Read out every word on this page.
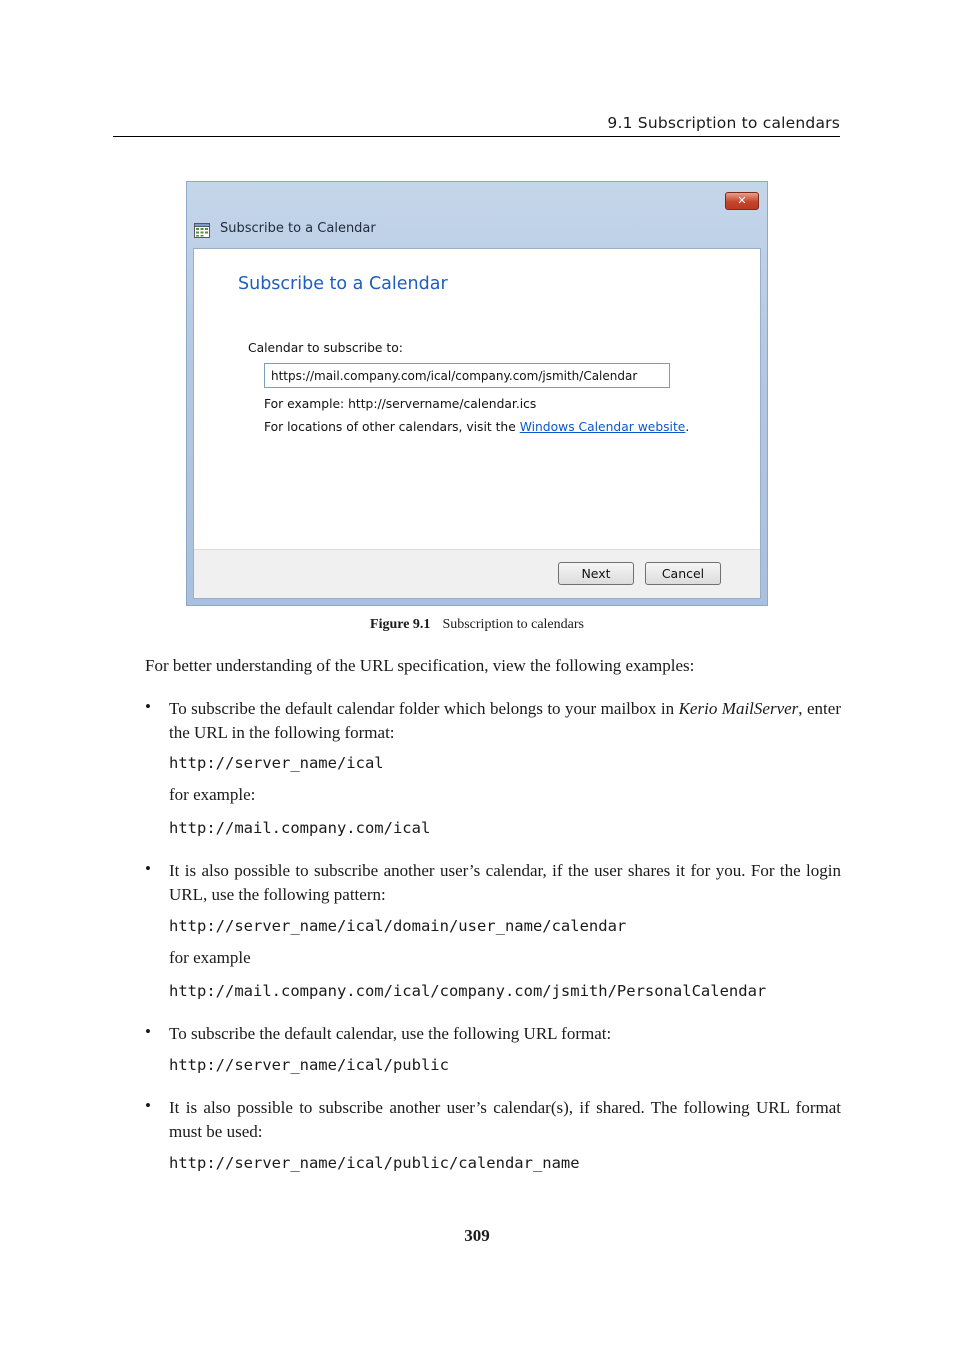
9.1 Subscription to calendars
✕
Subscribe to a Calendar
Subscribe to a Calendar
Calendar to subscribe to:
https://mail.company.com/ical/company.com/jsmith/Calendar
For example: http://servername/calendar.ics
For locations of other calendars, visit the Windows Calendar website.
Next	Cancel
Figure 9.1 Subscription to calendars
For better understanding of the URL specification, view the following examples:
• To subscribe the default calendar folder which belongs to your mailbox in Kerio MailServer, enter the URL in the following format:
http://server_name/ical
for example:
http://mail.company.com/ical
• It is also possible to subscribe another user’s calendar, if the user shares it for you. For the login URL, use the following pattern:
http://server_name/ical/domain/user_name/calendar
for example
http://mail.company.com/ical/company.com/jsmith/PersonalCalendar
• To subscribe the default calendar, use the following URL format:
http://server_name/ical/public
• It is also possible to subscribe another user’s calendar(s), if shared. The following URL format must be used:
http://server_name/ical/public/calendar_name
309
